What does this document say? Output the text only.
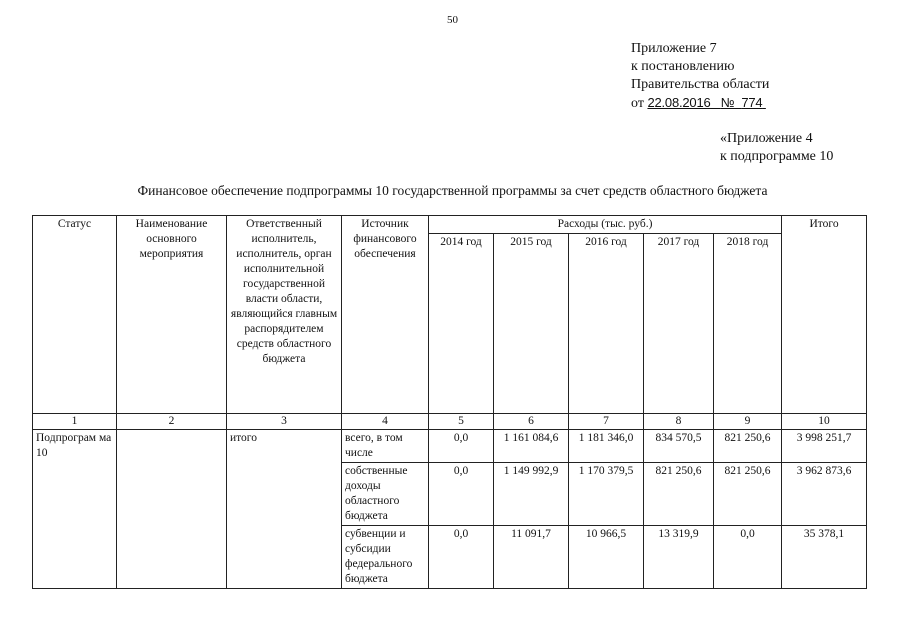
50
Приложение 7
к постановлению
Правительства области
от 22.08.2016 № 774
«Приложение 4
к подпрограмме 10
Финансовое обеспечение подпрограммы 10 государственной программы за счет средств областного бюджета
Статус	Наименование основного мероприятия	Ответственный исполнитель, исполнитель, орган исполнительной государственной власти области, являющийся главным распорядителем средств областного бюджета	Источник финансового обеспечения	Расходы (тыс. руб.)					Итого
				2014 год	2015 год	2016 год	2017 год	2018 год	
1	2	3	4	5	6	7	8	9	10
Подпрограм ма 10		итого	всего, в том числе	0,0	1 161 084,6	1 181 346,0	834 570,5	821 250,6	3 998 251,7
			собственные доходы областного бюджета	0,0	1 149 992,9	1 170 379,5	821 250,6	821 250,6	3 962 873,6
			субвенции и субсидии федерального бюджета	0,0	11 091,7	10 966,5	13 319,9	0,0	35 378,1
